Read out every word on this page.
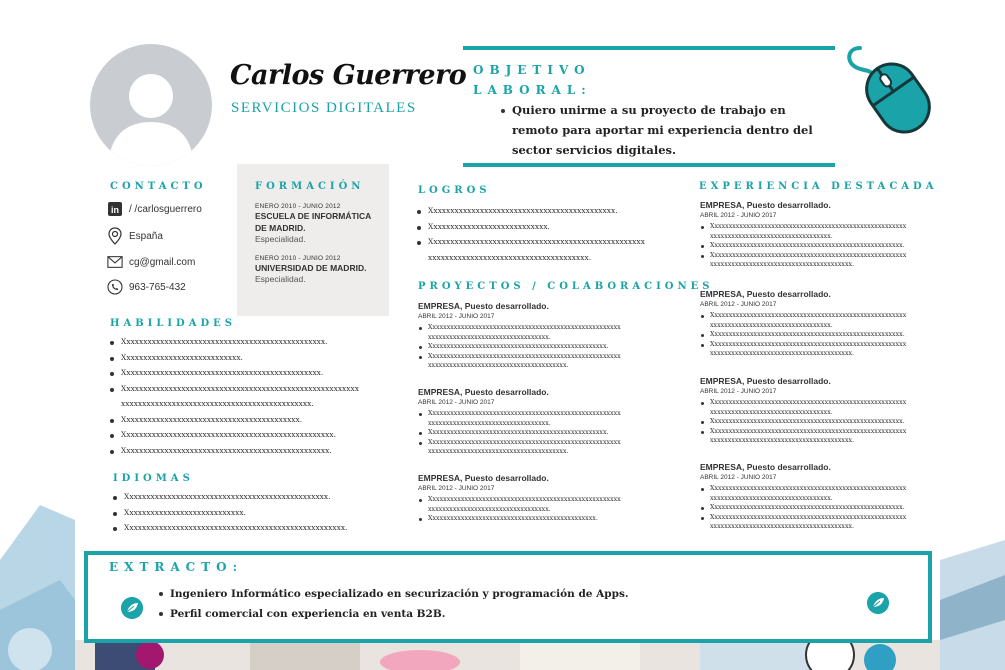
Carlos Guerrero
SERVICIOS DIGITALES
OBJETIVO LABORAL:
Quiero unirme a su proyecto de trabajo en remoto para aportar mi experiencia dentro del sector servicios digitales.
CONTACTO
in / /carlosguerrero
España
cg@gmail.com
963-765-432
FORMACIÓN
ENERO 2010 - JUNIO 2012
ESCUELA DE INFORMÁTICA DE MADRID.
Especialidad.
ENERO 2010 - JUNIO 2012
UNIVERSIDAD DE MADRID.
Especialidad.
HABILIDADES
Xxxxxxxxxxxxxxxxxxxxxxxxxxxxxxxxxxxxxxxxxxxxxxxx.
Xxxxxxxxxxxxxxxxxxxxxxxxxxxx.
Xxxxxxxxxxxxxxxxxxxxxxxxxxxxxxxxxxxxxxxxxxxxxxx.
Xxxxxxxxxxxxxxxxxxxxxxxxxxxxxxxxxxxxxxxxxxxxxxxxxxxxxxxx xxxxxxxxxxxxxxxxxxxxxxxxxxxxxxxxxxxxxxxxxxxxx.
Xxxxxxxxxxxxxxxxxxxxxxxxxxxxxxxxxxxxxxxxxx.
Xxxxxxxxxxxxxxxxxxxxxxxxxxxxxxxxxxxxxxxxxxxxxxxxxx.
Xxxxxxxxxxxxxxxxxxxxxxxxxxxxxxxxxxxxxxxxxxxxxxxxx.
IDIOMAS
Xxxxxxxxxxxxxxxxxxxxxxxxxxxxxxxxxxxxxxxxxxxxxxxx.
Xxxxxxxxxxxxxxxxxxxxxxxxxxxx.
Xxxxxxxxxxxxxxxxxxxxxxxxxxxxxxxxxxxxxxxxxxxxxxxxxxxx.
LOGROS
Xxxxxxxxxxxxxxxxxxxxxxxxxxxxxxxxxxxxxxxxxxxx.
Xxxxxxxxxxxxxxxxxxxxxxxxxxxx.
Xxxxxxxxxxxxxxxxxxxxxxxxxxxxxxxxxxxxxxxxxxxxxxxxxxx xxxxxxxxxxxxxxxxxxxxxxxxxxxxxxxxxxxxxx.
PROYECTOS / COLABORACIONES
EMPRESA, Puesto desarrollado.
ABRIL 2012 - JUNIO 2017
Xxxxxxxxxxxxxxxxxxxxxxxxxxxxxxxxxxxxxxxxxxxxxxxxxxxxxx xxxxxxxxxxxxxxxxxxxxxxxxxxxxxxxxxx.
Xxxxxxxxxxxxxxxxxxxxxxxxxxxxxxxxxxxxxxxxxxxxxxxxxx.
Xxxxxxxxxxxxxxxxxxxxxxxxxxxxxxxxxxxxxxxxxxxxxxxxxxxxxx xxxxxxxxxxxxxxxxxxxxxxxxxxxxxxxxxxxxxxx.
EMPRESA, Puesto desarrollado.
ABRIL 2012 - JUNIO 2017
Xxxxxxxxxxxxxxxxxxxxxxxxxxxxxxxxxxxxxxxxxxxxxxxxxxxxxx xxxxxxxxxxxxxxxxxxxxxxxxxxxxxxxxxx.
Xxxxxxxxxxxxxxxxxxxxxxxxxxxxxxxxxxxxxxxxxxxxxxxxxx.
Xxxxxxxxxxxxxxxxxxxxxxxxxxxxxxxxxxxxxxxxxxxxxxxxxxxxxx xxxxxxxxxxxxxxxxxxxxxxxxxxxxxxxxxxxxxxx.
EMPRESA, Puesto desarrollado.
ABRIL 2012 - JUNIO 2017
Xxxxxxxxxxxxxxxxxxxxxxxxxxxxxxxxxxxxxxxxxxxxxxxxxxxxxx xxxxxxxxxxxxxxxxxxxxxxxxxxxxxxxxxx.
Xxxxxxxxxxxxxxxxxxxxxxxxxxxxxxxxxxxxxxxxxxxxxxx.
EXPERIENCIA DESTACADA
EMPRESA, Puesto desarrollado.
ABRIL 2012 - JUNIO 2017
Xxxxxxxxxxxxxxxxxxxxxxxxxxxxxxxxxxxxxxxxxxxxxxxxxxxxxxx xxxxxxxxxxxxxxxxxxxxxxxxxxxxxxxxxx.
Xxxxxxxxxxxxxxxxxxxxxxxxxxxxxxxxxxxxxxxxxxxxxxxxxxxxxx.
Xxxxxxxxxxxxxxxxxxxxxxxxxxxxxxxxxxxxxxxxxxxxxxxxxxxxxxx xxxxxxxxxxxxxxxxxxxxxxxxxxxxxxxxxxxxxxxx.
EMPRESA, Puesto desarrollado.
ABRIL 2012 - JUNIO 2017
Xxxxxxxxxxxxxxxxxxxxxxxxxxxxxxxxxxxxxxxxxxxxxxxxxxxxxxx xxxxxxxxxxxxxxxxxxxxxxxxxxxxxxxxxx.
Xxxxxxxxxxxxxxxxxxxxxxxxxxxxxxxxxxxxxxxxxxxxxxxxxxxxxx.
Xxxxxxxxxxxxxxxxxxxxxxxxxxxxxxxxxxxxxxxxxxxxxxxxxxxxxxx xxxxxxxxxxxxxxxxxxxxxxxxxxxxxxxxxxxxxxxx.
EMPRESA, Puesto desarrollado.
ABRIL 2012 - JUNIO 2017
Xxxxxxxxxxxxxxxxxxxxxxxxxxxxxxxxxxxxxxxxxxxxxxxxxxxxxxx xxxxxxxxxxxxxxxxxxxxxxxxxxxxxxxxxx.
Xxxxxxxxxxxxxxxxxxxxxxxxxxxxxxxxxxxxxxxxxxxxxxxxxxxxxx.
Xxxxxxxxxxxxxxxxxxxxxxxxxxxxxxxxxxxxxxxxxxxxxxxxxxxxxxx xxxxxxxxxxxxxxxxxxxxxxxxxxxxxxxxxxxxxxxx.
EMPRESA, Puesto desarrollado.
ABRIL 2012 - JUNIO 2017
Xxxxxxxxxxxxxxxxxxxxxxxxxxxxxxxxxxxxxxxxxxxxxxxxxxxxxxx xxxxxxxxxxxxxxxxxxxxxxxxxxxxxxxxxx.
Xxxxxxxxxxxxxxxxxxxxxxxxxxxxxxxxxxxxxxxxxxxxxxxxxxxxxx.
Xxxxxxxxxxxxxxxxxxxxxxxxxxxxxxxxxxxxxxxxxxxxxxxxxxxxxxx xxxxxxxxxxxxxxxxxxxxxxxxxxxxxxxxxxxxxxxx.
EXTRACTO:
Ingeniero Informático especializado en securización y programación de Apps.
Perfil comercial con experiencia en venta B2B.
